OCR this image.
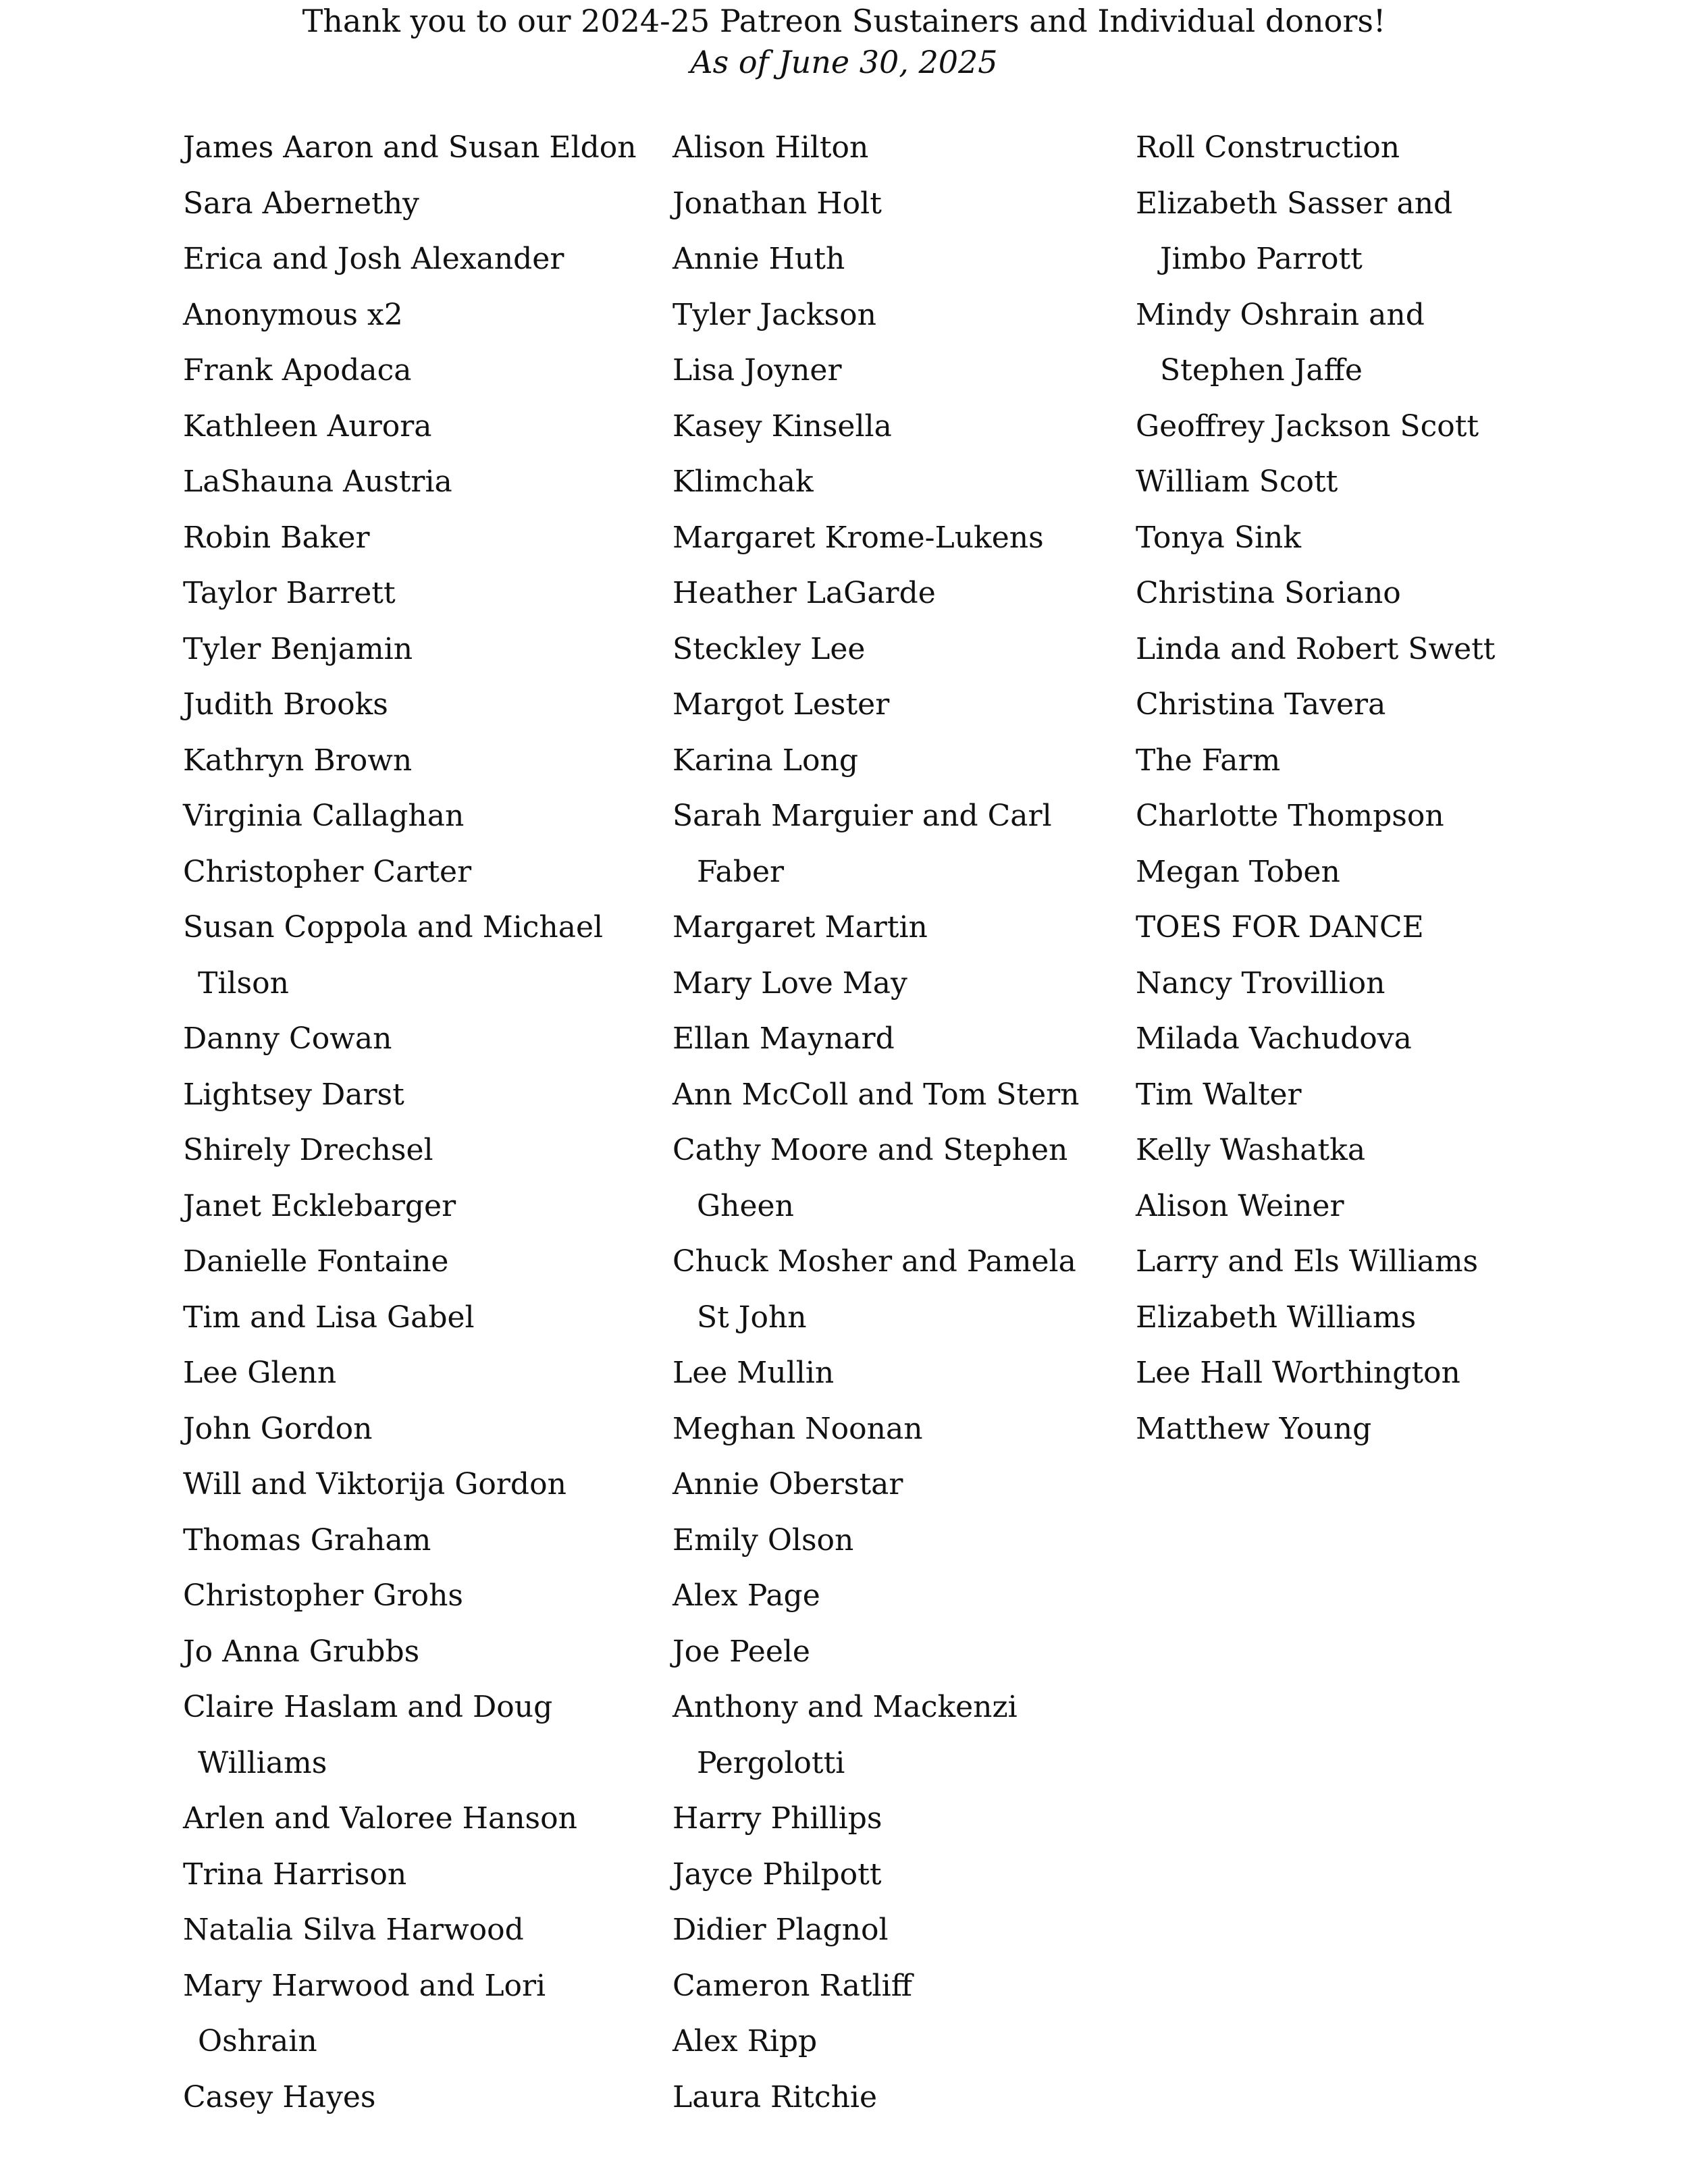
Thank you to our 2024-25 Patreon Sustainers and Individual donors!

As of June 30, 2025

James Aaron and Susan Eldon
Sara Abernethy
Erica and Josh Alexander
Anonymous x2
Frank Apodaca
Kathleen Aurora
LaShauna Austria
Robin Baker
Taylor Barrett
Tyler Benjamin
Judith Brooks
Kathryn Brown
Virginia Callaghan
Christopher Carter
Susan Coppola and Michael
Tilson
Danny Cowan
Lightsey Darst
Shirely Drechsel
Janet Ecklebarger
Danielle Fontaine
Tim and Lisa Gabel
Lee Glenn
John Gordon
Will and Viktorija Gordon
Thomas Graham
Christopher Grohs
Jo Anna Grubbs
Claire Haslam and Doug
Williams
Arlen and Valoree Hanson
Trina Harrison
Natalia Silva Harwood
Mary Harwood and Lori
Oshrain
Casey Hayes
Alison Hilton
Jonathan Holt
Annie Huth
Tyler Jackson
Lisa Joyner
Kasey Kinsella
Klimchak
Margaret Krome-Lukens
Heather LaGarde
Steckley Lee
Margot Lester
Karina Long
Sarah Marguier and Carl
Faber
Margaret Martin
Mary Love May
Ellan Maynard
Ann McColl and Tom Stern
Cathy Moore and Stephen
Gheen
Chuck Mosher and Pamela
St John
Lee Mullin
Meghan Noonan
Annie Oberstar
Emily Olson
Alex Page
Joe Peele
Anthony and Mackenzi
Pergolotti
Harry Phillips
Jayce Philpott
Didier Plagnol
Cameron Ratliff
Alex Ripp
Laura Ritchie
Roll Construction
Elizabeth Sasser and
Jimbo Parrott
Mindy Oshrain and
Stephen Jaffe
Geoffrey Jackson Scott
William Scott
Tonya Sink
Christina Soriano
Linda and Robert Swett
Christina Tavera
The Farm
Charlotte Thompson
Megan Toben
TOES FOR DANCE
Nancy Trovillion
Milada Vachudova
Tim Walter
Kelly Washatka
Alison Weiner
Larry and Els Williams
Elizabeth Williams
Lee Hall Worthington
Matthew Young
